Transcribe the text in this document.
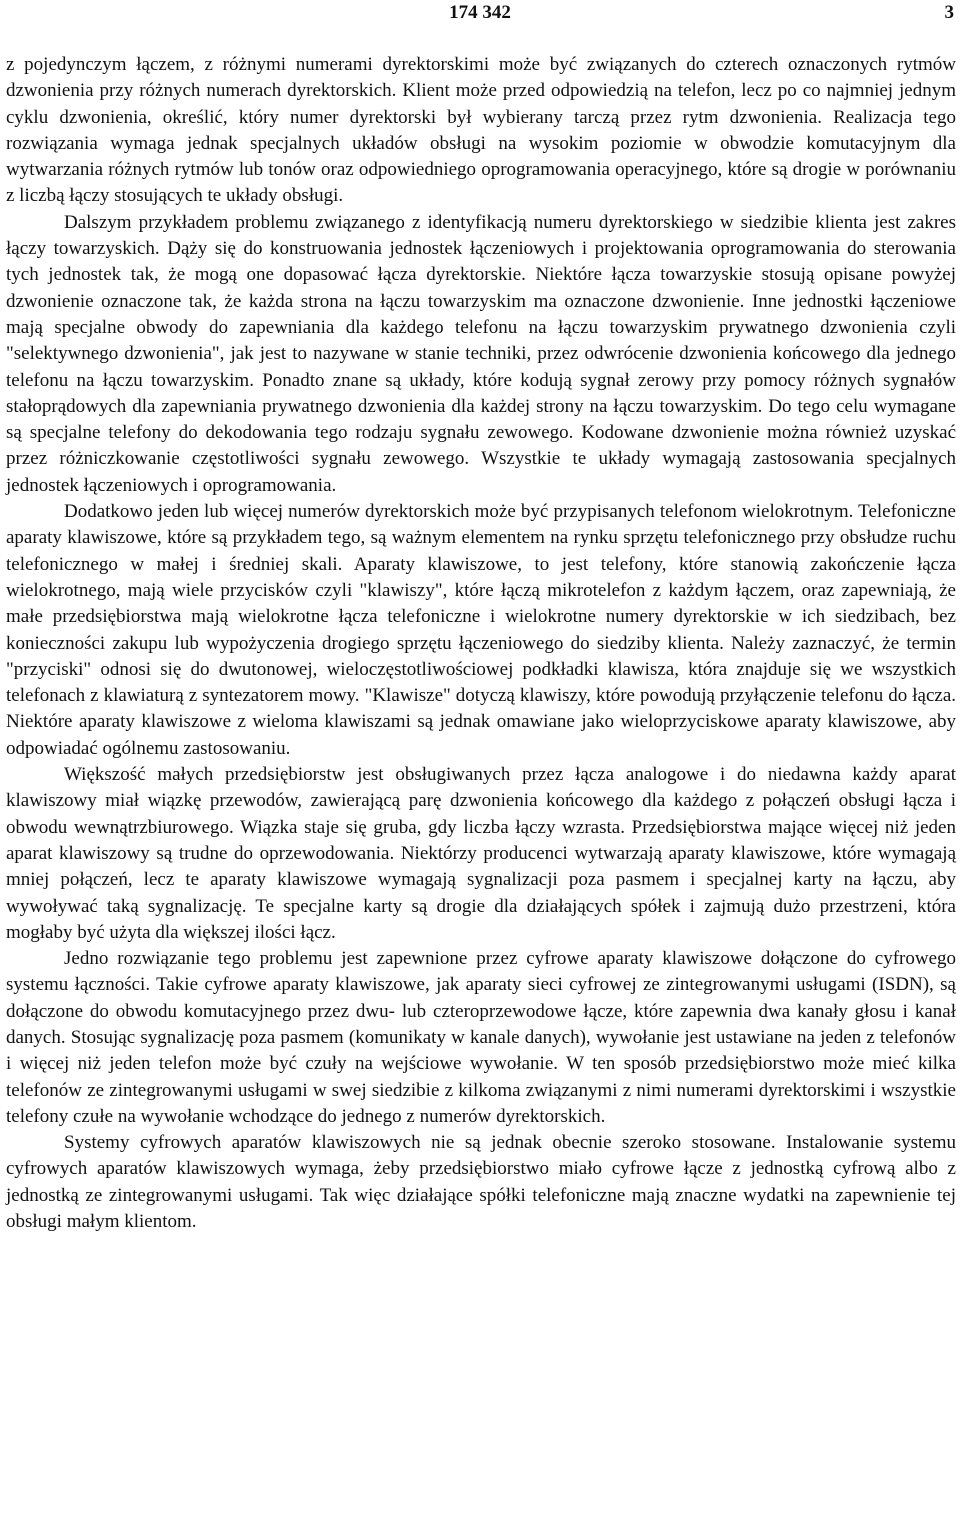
174 342	3

z pojedynczym łączem, z różnymi numerami dyrektorskimi może być związanych do czterech oznaczonych rytmów dzwonienia przy różnych numerach dyrektorskich. Klient może przed odpowiedzią na telefon, lecz po co najmniej jednym cyklu dzwonienia, określić, który numer dyrektorski był wybierany tarczą przez rytm dzwonienia. Realizacja tego rozwiązania wymaga jednak specjalnych układów obsługi na wysokim poziomie w obwodzie komutacyjnym dla wytwarzania różnych rytmów lub tonów oraz odpowiedniego oprogramowania operacyjnego, które są drogie w porównaniu z liczbą łączy stosujących te układy obsługi.

Dalszym przykładem problemu związanego z identyfikacją numeru dyrektorskiego w siedzibie klienta jest zakres łączy towarzyskich. Dąży się do konstruowania jednostek łączeniowych i projektowania oprogramowania do sterowania tych jednostek tak, że mogą one dopasować łącza dyrektorskie. Niektóre łącza towarzyskie stosują opisane powyżej dzwonienie oznaczone tak, że każda strona na łączu towarzyskim ma oznaczone dzwonienie. Inne jednostki łączeniowe mają specjalne obwody do zapewniania dla każdego telefonu na łączu towarzyskim prywatnego dzwonienia czyli "selektywnego dzwonienia", jak jest to nazywane w stanie techniki, przez odwrócenie dzwonienia końcowego dla jednego telefonu na łączu towarzyskim. Ponadto znane są układy, które kodują sygnał zerowy przy pomocy różnych sygnałów stałoprądowych dla zapewniania prywatnego dzwonienia dla każdej strony na łączu towarzyskim. Do tego celu wymagane są specjalne telefony do dekodowania tego rodzaju sygnału zewowego. Kodowane dzwonienie można również uzyskać przez różniczkowanie częstotliwości sygnału zewowego. Wszystkie te układy wymagają zastosowania specjalnych jednostek łączeniowych i oprogramowania.

Dodatkowo jeden lub więcej numerów dyrektorskich może być przypisanych telefonom wielokrotnym. Telefoniczne aparaty klawiszowe, które są przykładem tego, są ważnym elementem na rynku sprzętu telefonicznego przy obsłudze ruchu telefonicznego w małej i średniej skali. Aparaty klawiszowe, to jest telefony, które stanowią zakończenie łącza wielokrotnego, mają wiele przycisków czyli "klawiszy", które łączą mikrotelefon z każdym łączem, oraz zapewniają, że małe przedsiębiorstwa mają wielokrotne łącza telefoniczne i wielokrotne numery dyrektorskie w ich siedzibach, bez konieczności zakupu lub wypożyczenia drogiego sprzętu łączeniowego do siedziby klienta. Należy zaznaczyć, że termin "przyciski" odnosi się do dwutonowej, wieloczęstotliwościowej podkładki klawisza, która znajduje się we wszystkich telefonach z klawiaturą z syntezatorem mowy. "Klawisze" dotyczą klawiszy, które powodują przyłączenie telefonu do łącza. Niektóre aparaty klawiszowe z wieloma klawiszami są jednak omawiane jako wieloprzyciskowe aparaty klawiszowe, aby odpowiadać ogólnemu zastosowaniu.

Większość małych przedsiębiorstw jest obsługiwanych przez łącza analogowe i do niedawna każdy aparat klawiszowy miał wiązkę przewodów, zawierającą parę dzwonienia końcowego dla każdego z połączeń obsługi łącza i obwodu wewnątrzbiurowego. Wiązka staje się gruba, gdy liczba łączy wzrasta. Przedsiębiorstwa mające więcej niż jeden aparat klawiszowy są trudne do oprzewodowania. Niektórzy producenci wytwarzają aparaty klawiszowe, które wymagają mniej połączeń, lecz te aparaty klawiszowe wymagają sygnalizacji poza pasmem i specjalnej karty na łączu, aby wywoływać taką sygnalizację. Te specjalne karty są drogie dla działających spółek i zajmują dużo przestrzeni, która mogłaby być użyta dla większej ilości łącz.

Jedno rozwiązanie tego problemu jest zapewnione przez cyfrowe aparaty klawiszowe dołączone do cyfrowego systemu łączności. Takie cyfrowe aparaty klawiszowe, jak aparaty sieci cyfrowej ze zintegrowanymi usługami (ISDN), są dołączone do obwodu komutacyjnego przez dwu- lub czteroprzewodowe łącze, które zapewnia dwa kanały głosu i kanał danych. Stosując sygnalizację poza pasmem (komunikaty w kanale danych), wywołanie jest ustawiane na jeden z telefonów i więcej niż jeden telefon może być czuły na wejściowe wywołanie. W ten sposób przedsiębiorstwo może mieć kilka telefonów ze zintegrowanymi usługami w swej siedzibie z kilkoma związanymi z nimi numerami dyrektorskimi i wszystkie telefony czułe na wywołanie wchodzące do jednego z numerów dyrektorskich.

Systemy cyfrowych aparatów klawiszowych nie są jednak obecnie szeroko stosowane. Instalowanie systemu cyfrowych aparatów klawiszowych wymaga, żeby przedsiębiorstwo miało cyfrowe łącze z jednostką cyfrową albo z jednostką ze zintegrowanymi usługami. Tak więc działające spółki telefoniczne mają znaczne wydatki na zapewnienie tej obsługi małym klientom.
